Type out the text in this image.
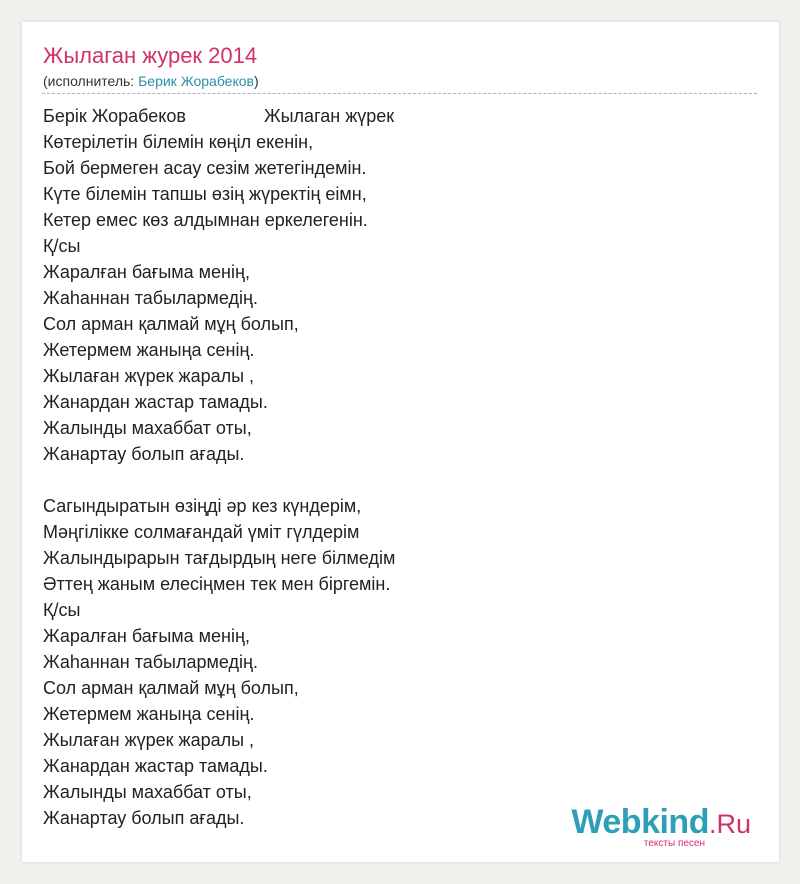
Жылаган журек 2014
(исполнитель: Берик Жорабеков)
Берік Жорабеков	Жылаган жүрек
Көтерілетін білемін көңіл екенін,
Бой бермеген асау сезім жетегіндемін.
Күте білемін тапшы өзің жүректің еімн,
Кетер емес көз алдымнан еркелегенін.
Қ/сы
Жаралған бағыма менің,
Жаһаннан табылармедің.
Сол арман қалмай мұң болып,
Жетермем жаныңа сенің.
Жылаған жүрек жаралы ,
Жанардан жастар тамады.
Жалынды махаббат оты,
Жанартау болып ағады.
Сагындыратын өзіңді әр кез күндерім,
Мәңгілікке солмағандай үміт гүлдерім
Жалындырарын тағдырдың неге білмедім
Әттең жаным елесіңмен тек мен біргемін.
Қ/сы
Жаралған бағыма менің,
Жаһаннан табылармедің.
Сол арман қалмай мұң болып,
Жетермем жаныңа сенің.
Жылаған жүрек жаралы ,
Жанардан жастар тамады.
Жалынды махаббат оты,
Жанартау болып ағады.	Webkind.Ru
тексты песен
